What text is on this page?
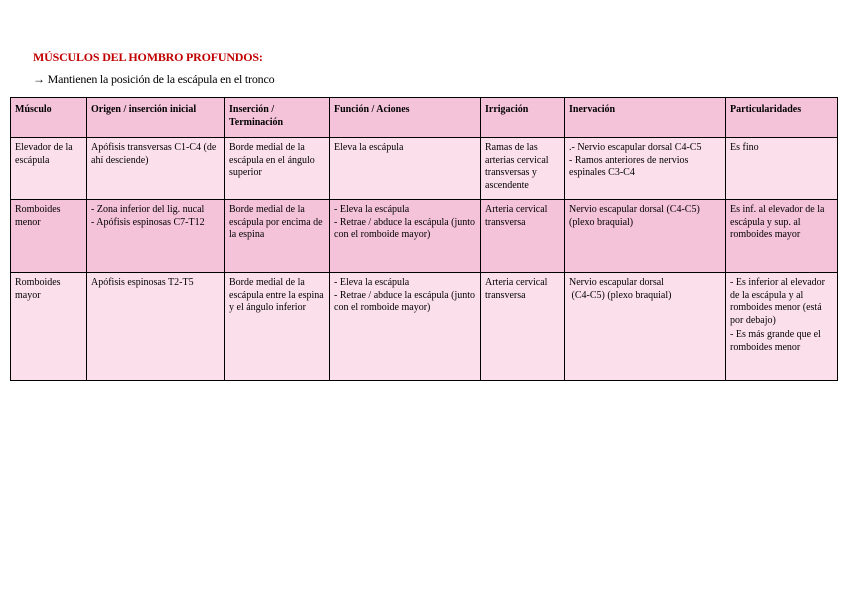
MÚSCULOS DEL HOMBRO PROFUNDOS:
→ Mantienen la posición de la escápula en el tronco
Músculo	Origen / inserción inicial	Inserción / Terminación	Función / Aciones	Irrigación	Inervación	Particularidades

Elevador de la escápula	Apófisis transversas C1-C4 (de ahí desciende)	Borde medial de la escápula en el ángulo superior	Eleva la escápula	Ramas de las arterias cervical transversas y ascendente	.- Nervio escapular dorsal C4-C5
- Ramos anteriores de nervios espinales C3-C4	Es fino

Romboides menor	- Zona inferior del lig. nucal
- Apófisis espinosas C7-T12	Borde medial de la escápula por encima de la espina	- Eleva la escápula
- Retrae / abduce la escápula (junto con el romboide mayor)	Arteria cervical transversa	Nervio escapular dorsal (C4-C5) (plexo braquial)	Es inf. al elevador de la escápula y sup. al romboides mayor

Romboides mayor	Apófisis espinosas T2-T5	Borde medial de la escápula entre la espina y el ángulo inferior	- Eleva la escápula
- Retrae / abduce la escápula (junto con el romboide mayor)	Arteria cervical transversa	Nervio escapular dorsal
(C4-C5) (plexo braquial)	- Es inferior al elevador de la escápula y al romboides menor (está por debajo)
- Es más grande que el romboides menor
